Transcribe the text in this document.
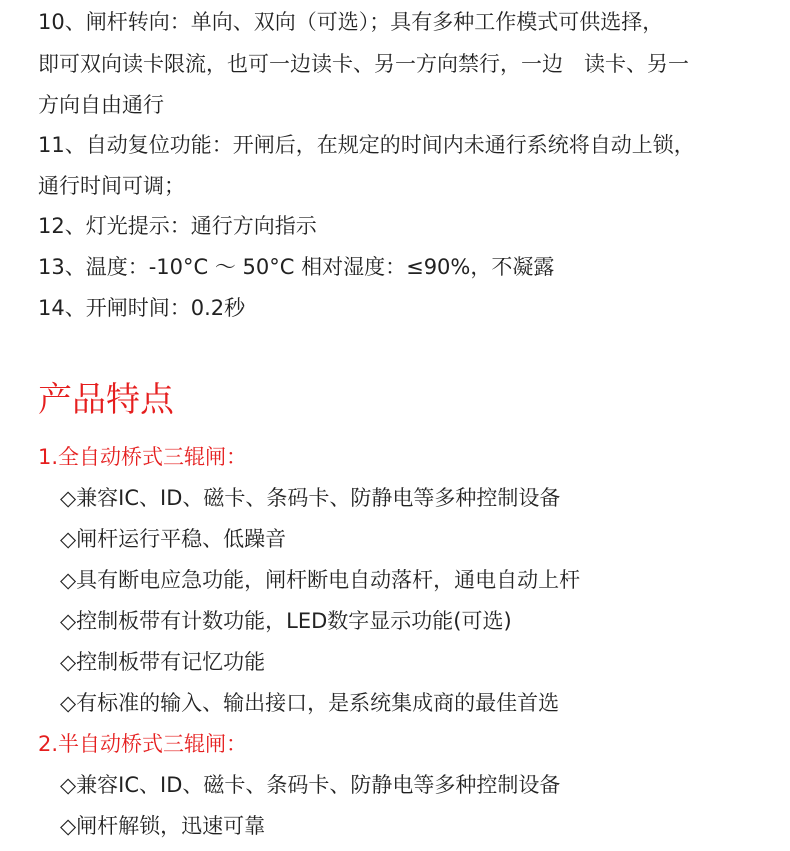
10、闸杆转向：单向、双向（可选）；具有多种工作模式可供选择，
即可双向读卡限流，也可一边读卡、另一方向禁行，一边　读卡、另一
方向自由通行
11、自动复位功能：开闸后，在规定的时间内未通行系统将自动上锁，
通行时间可调；
12、灯光提示：通行方向指示
13、温度：-10°C ～ 50°C 相对湿度：≤90%，不凝露
14、开闸时间：0.2秒
产品特点
1.全自动桥式三辊闸：
◇兼容IC、ID、磁卡、条码卡、防静电等多种控制设备
◇闸杆运行平稳、低躁音
◇具有断电应急功能，闸杆断电自动落杆，通电自动上杆
◇控制板带有计数功能，LED数字显示功能(可选)
◇控制板带有记忆功能
◇有标准的输入、输出接口，是系统集成商的最佳首选
2.半自动桥式三辊闸：
◇兼容IC、ID、磁卡、条码卡、防静电等多种控制设备
◇闸杆解锁，迅速可靠
